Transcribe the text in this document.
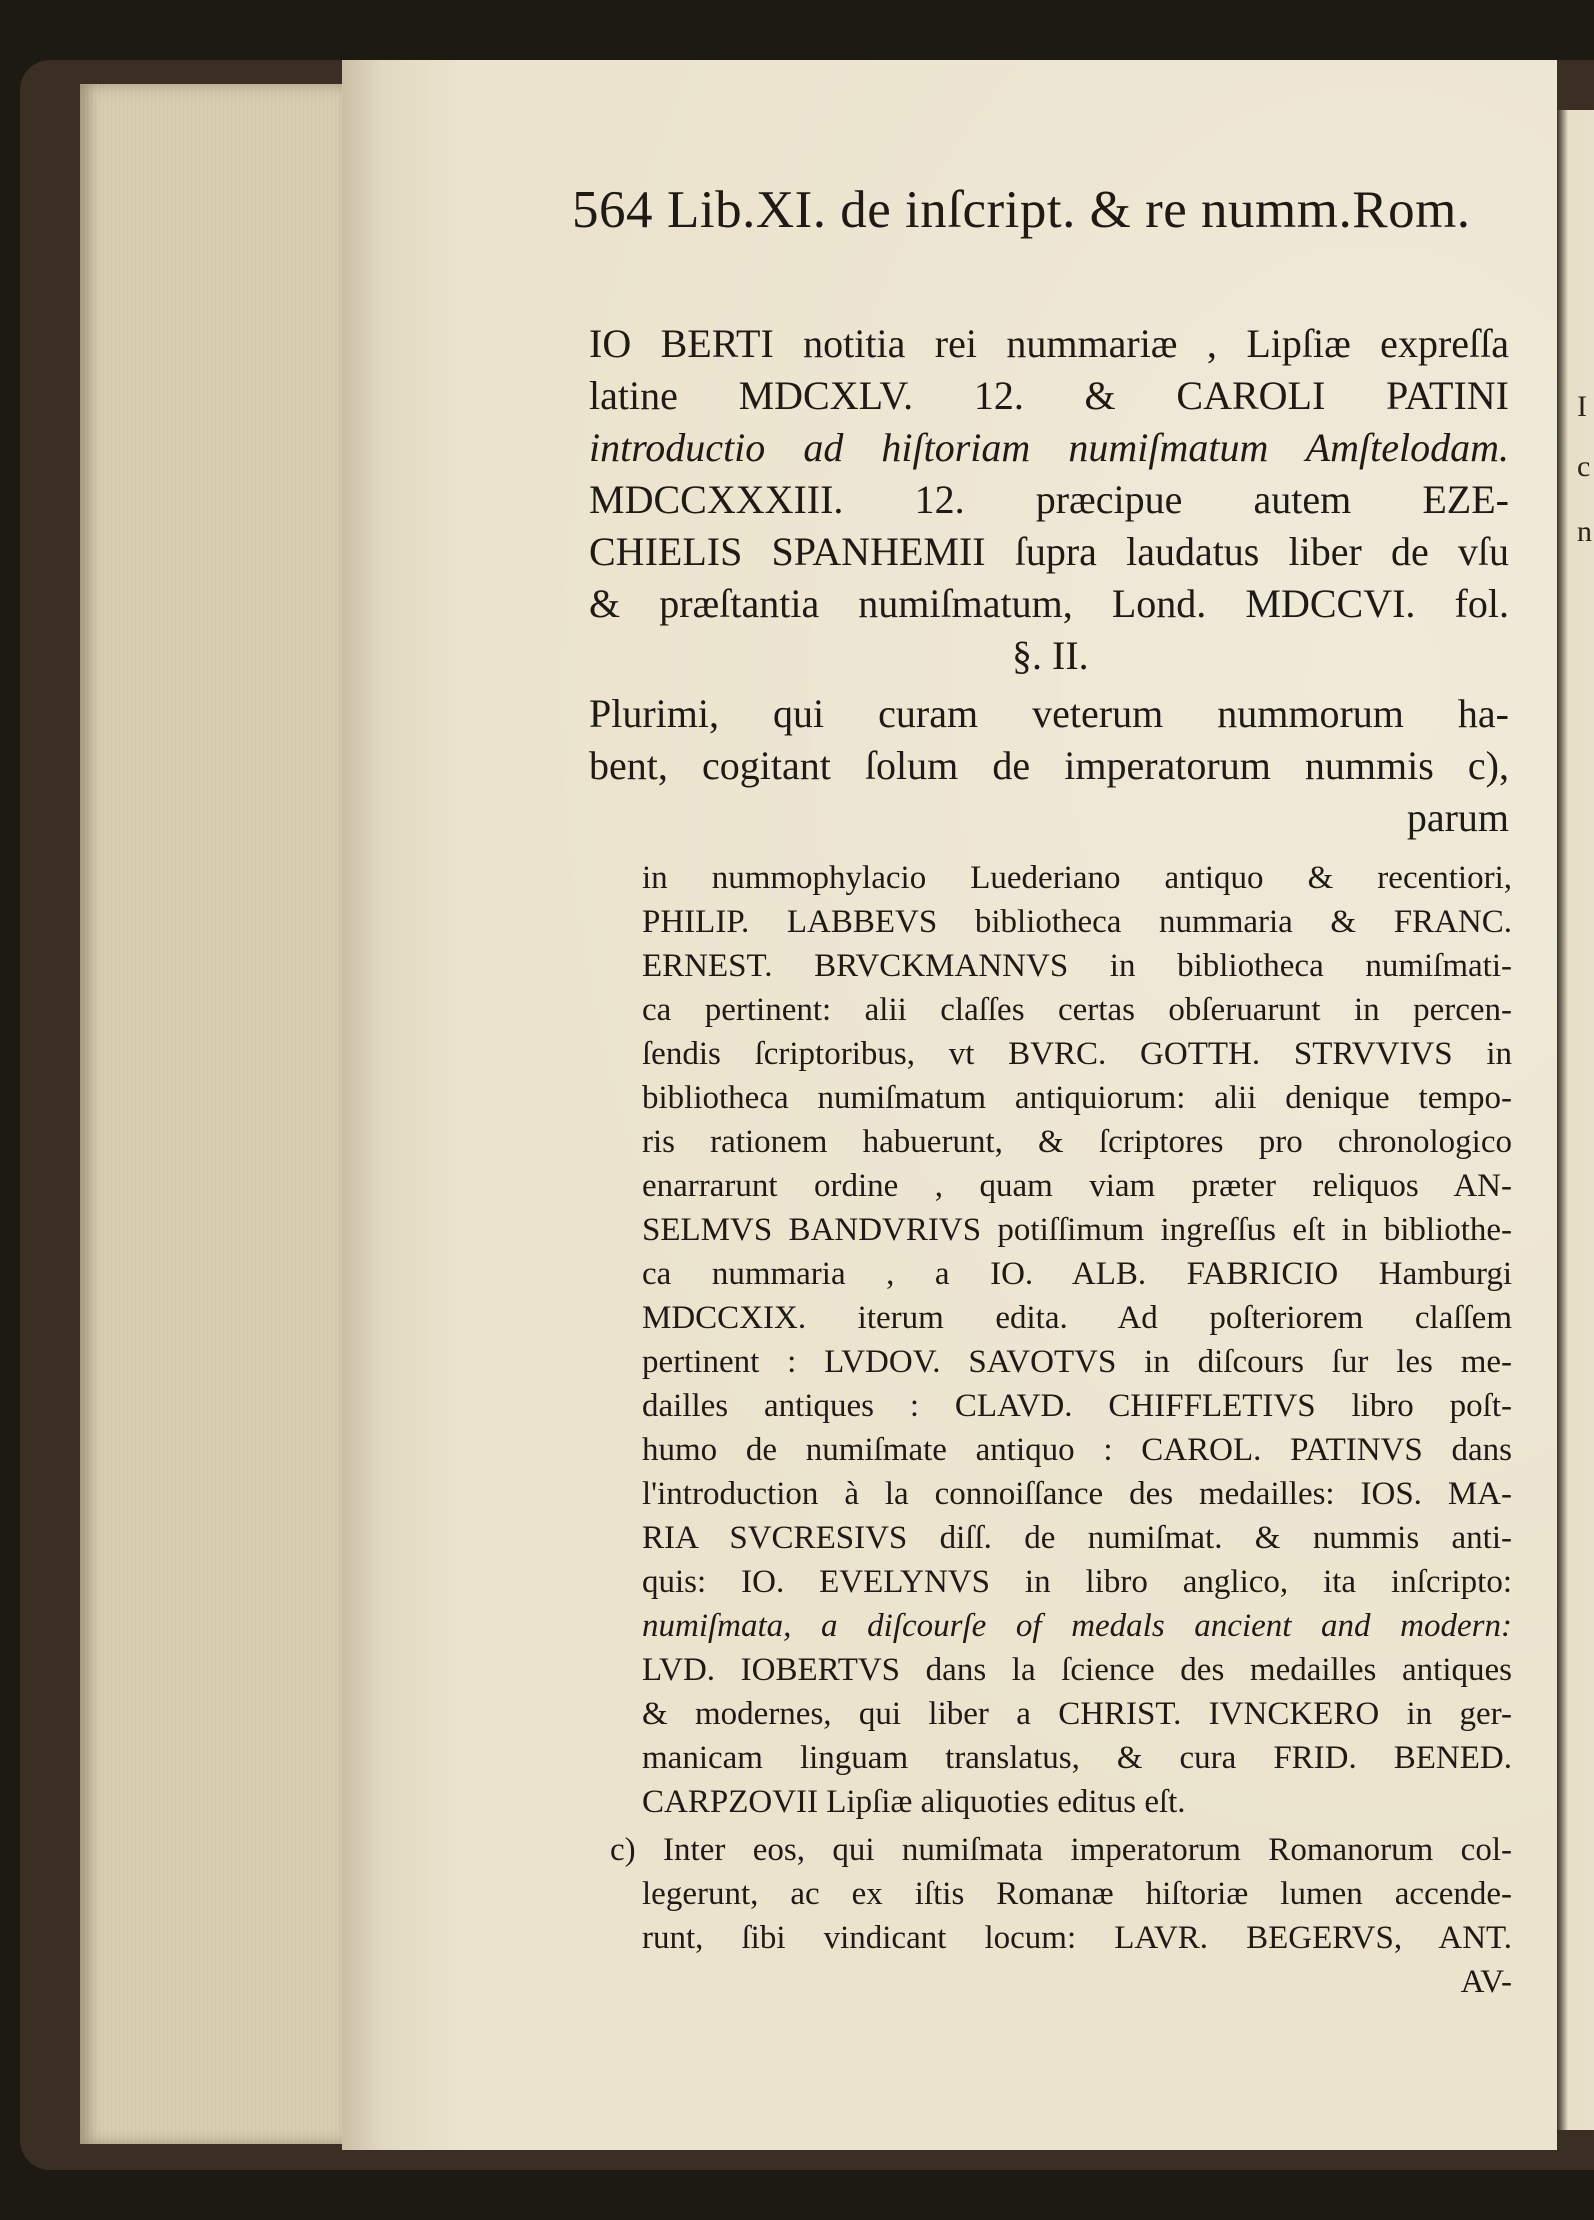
564 Lib.XI. de inſcript. & re numm.Rom.
IO BERTI notitia rei nummariæ , Lipſiæ expreſſa
latine MDCXLV. 12. & CAROLI PATINI
introductio ad hiſtoriam numiſmatum Amſtelodam.
MDCCXXXIII. 12. præcipue autem EZE-
CHIELIS SPANHEMII ſupra laudatus liber de vſu
& præſtantia numiſmatum, Lond. MDCCVI. fol.
§. II.
Plurimi, qui curam veterum nummorum ha-
bent, cogitant ſolum de imperatorum nummis c),
parum
in nummophylacio Luederiano antiquo & recentiori,
PHILIP. LABBEVS bibliotheca nummaria & FRANC.
ERNEST. BRVCKMANNVS in bibliotheca numiſmati-
ca pertinent: alii claſſes certas obſeruarunt in percen-
ſendis ſcriptoribus, vt BVRC. GOTTH. STRVVIVS in
bibliotheca numiſmatum antiquiorum: alii denique tempo-
ris rationem habuerunt, & ſcriptores pro chronologico
enarrarunt ordine , quam viam præter reliquos AN-
SELMVS BANDVRIVS potiſſimum ingreſſus eſt in bibliothe-
ca nummaria , a IO. ALB. FABRICIO Hamburgi
MDCCXIX. iterum edita. Ad poſteriorem claſſem
pertinent : LVDOV. SAVOTVS in diſcours ſur les me-
dailles antiques : CLAVD. CHIFFLETIVS libro poſt-
humo de numiſmate antiquo : CAROL. PATINVS dans
l'introduction à la connoiſſance des medailles: IOS. MA-
RIA SVCRESIVS diſſ. de numiſmat. & nummis anti-
quis: IO. EVELYNVS in libro anglico, ita inſcripto:
numiſmata, a diſcourſe of medals ancient and modern:
LVD. IOBERTVS dans la ſcience des medailles antiques
& modernes, qui liber a CHRIST. IVNCKERO in ger-
manicam linguam translatus, & cura FRID. BENED.
CARPZOVII Lipſiæ aliquoties editus eſt.
c) Inter eos, qui numiſmata imperatorum Romanorum col-
legerunt, ac ex iſtis Romanæ hiſtoriæ lumen accende-
runt, ſibi vindicant locum: LAVR. BEGERVS, ANT.
AV-
I
c
n
